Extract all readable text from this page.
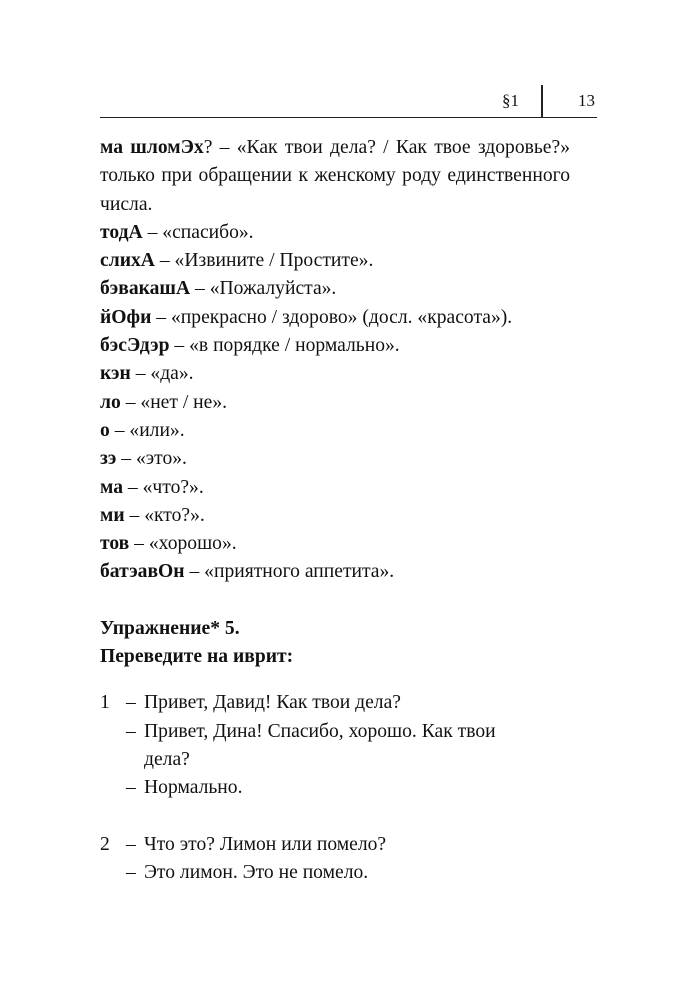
§1	13

ма шломЭх? – «Как твои дела? / Как твое здоровье?» только при обращении к женскому роду единственного числа.

тодА – «спасибо».
слихА – «Извините / Простите».
бэвакашА – «Пожалуйста».
йОфи – «прекрасно / здорово» (досл. «красота»).
бэсЭдэр – «в порядке / нормально».
кэн – «да».
ло – «нет / не».
о – «или».
зэ – «это».
ма – «что?».
ми – «кто?».
тов – «хорошо».
батэавОн – «приятного аппетита».

Упражнение* 5.

Переведите на иврит:

1 – Привет, Давид! Как твои дела?
– Привет, Дина! Спасибо, хорошо. Как твои дела?
– Нормально.
2 – Что это? Лимон или помело?
– Это лимон. Это не помело.
